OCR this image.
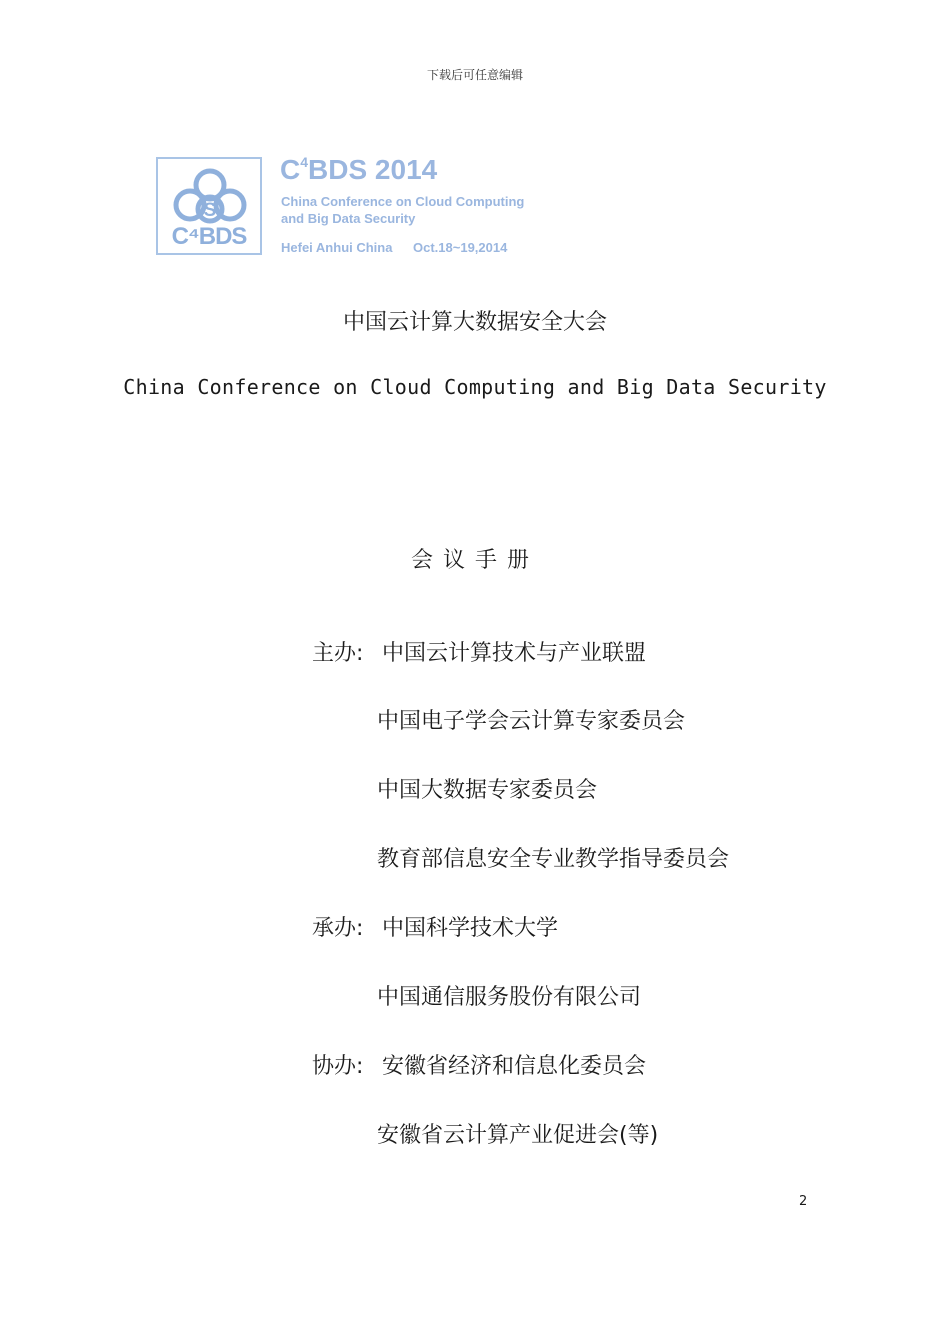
下载后可任意编辑
S
C⁴BDS
$C^4BDS$ 2014
China Conference on Cloud Computing
and Big Data Security
Hefei Anhui China Oct.18~19,2014
中国云计算大数据安全大会
China Conference on Cloud Computing and Big Data Security
会议手册
主办: 中国云计算技术与产业联盟
中国电子学会云计算专家委员会
中国大数据专家委员会
教育部信息安全专业教学指导委员会
承办: 中国科学技术大学
中国通信服务股份有限公司
协办: 安徽省经济和信息化委员会
安徽省云计算产业促进会(等)
2
